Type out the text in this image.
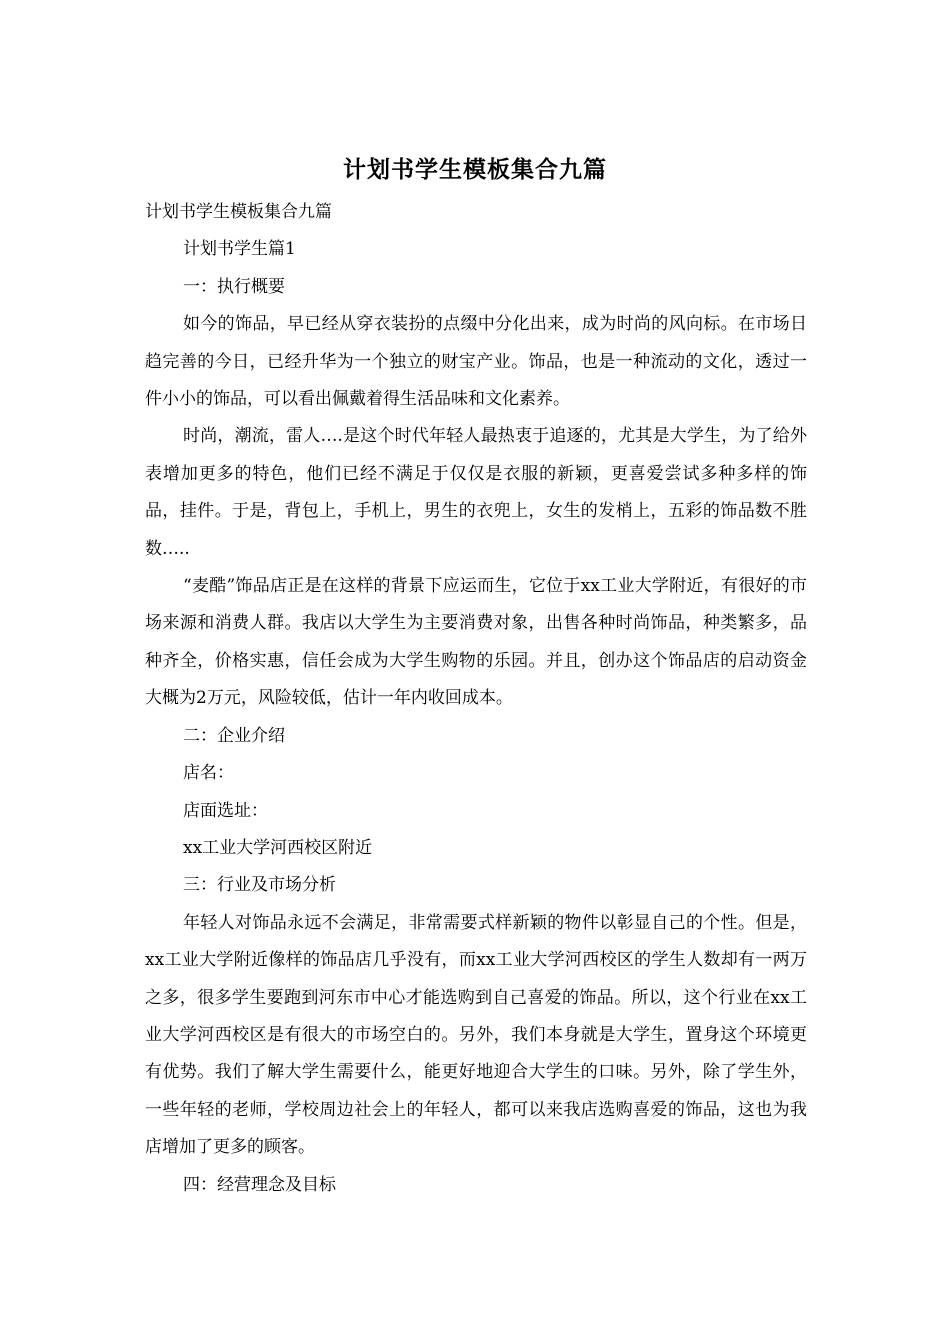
计划书学生模板集合九篇

计划书学生模板集合九篇

计划书学生篇1

一：执行概要

如今的饰品，早已经从穿衣装扮的点缀中分化出来，成为时尚的风向标。在市场日趋完善的今日，已经升华为一个独立的财宝产业。饰品，也是一种流动的文化，透过一件小小的饰品，可以看出佩戴着得生活品味和文化素养。

时尚，潮流，雷人….是这个时代年轻人最热衷于追逐的，尤其是大学生，为了给外表增加更多的特色，他们已经不满足于仅仅是衣服的新颖，更喜爱尝试多种多样的饰品，挂件。于是，背包上，手机上，男生的衣兜上，女生的发梢上，五彩的饰品数不胜数…..

“麦酷”饰品店正是在这样的背景下应运而生，它位于xx工业大学附近，有很好的市场来源和消费人群。我店以大学生为主要消费对象，出售各种时尚饰品，种类繁多，品种齐全，价格实惠，信任会成为大学生购物的乐园。并且，创办这个饰品店的启动资金大概为2万元，风险较低，估计一年内收回成本。

二：企业介绍

店名：

店面选址：

xx工业大学河西校区附近

三：行业及市场分析

年轻人对饰品永远不会满足，非常需要式样新颖的物件以彰显自己的个性。但是，xx工业大学附近像样的饰品店几乎没有，而xx工业大学河西校区的学生人数却有一两万之多，很多学生要跑到河东市中心才能选购到自己喜爱的饰品。所以，这个行业在xx工业大学河西校区是有很大的市场空白的。另外，我们本身就是大学生，置身这个环境更有优势。我们了解大学生需要什么，能更好地迎合大学生的口味。另外，除了学生外，一些年轻的老师，学校周边社会上的年轻人，都可以来我店选购喜爱的饰品，这也为我店增加了更多的顾客。

四：经营理念及目标
